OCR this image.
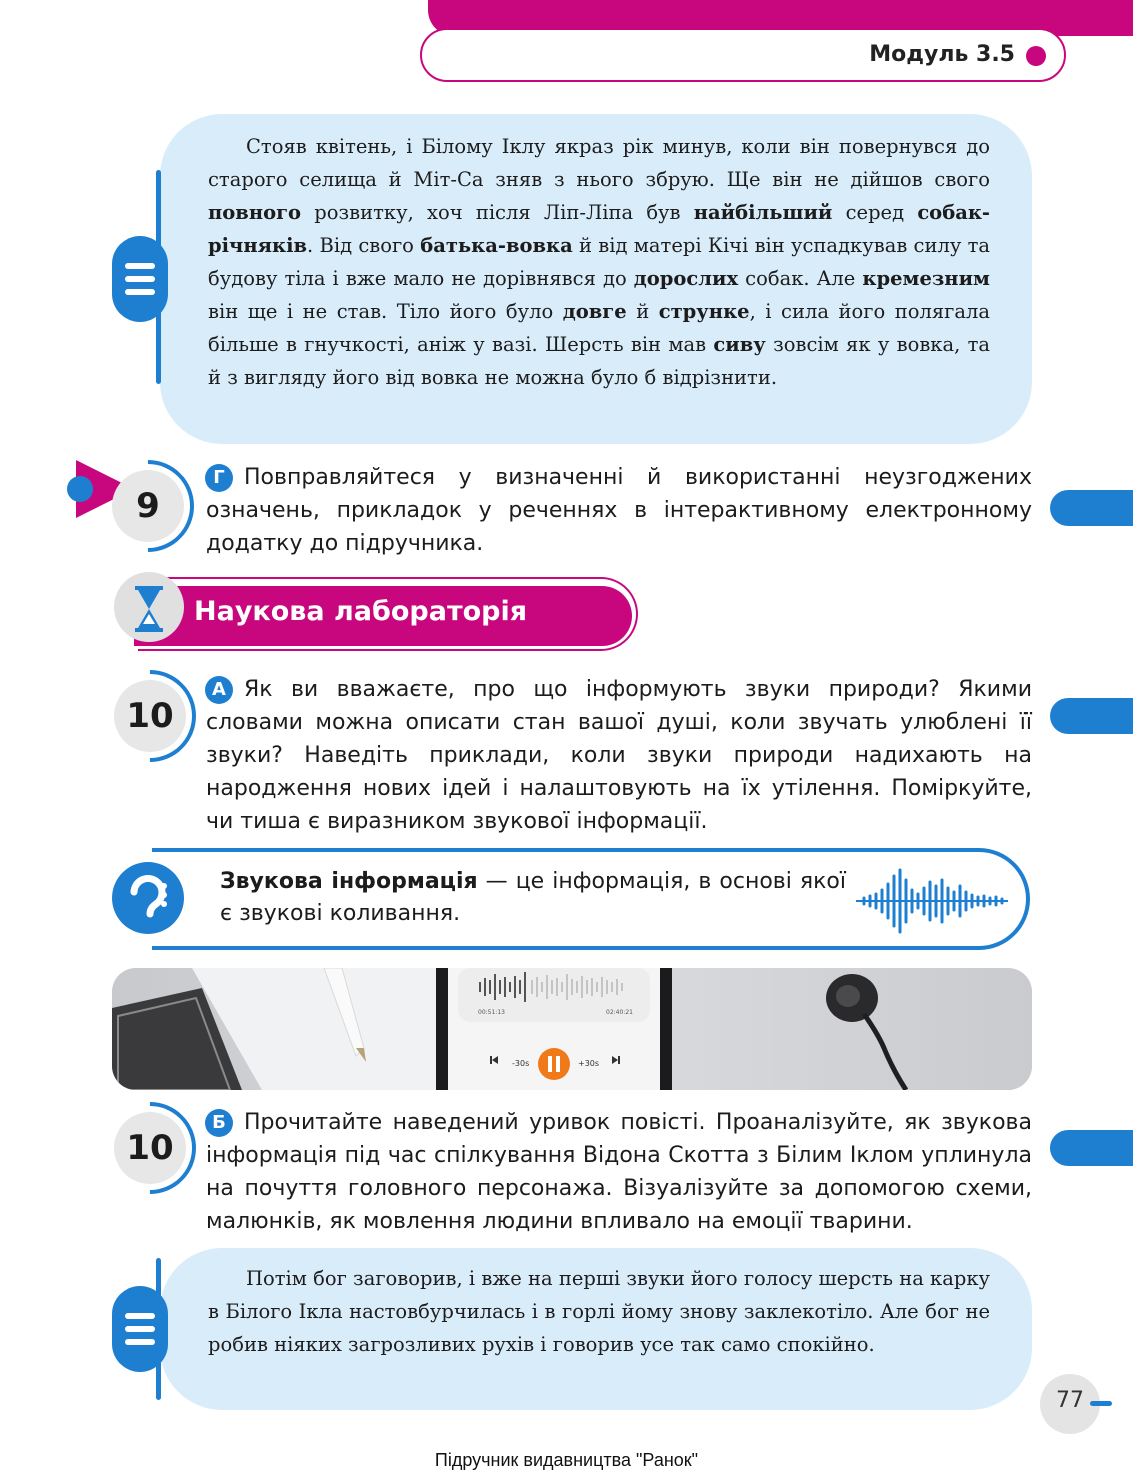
Модуль 3.5
Стояв квітень, і Білому Іклу якраз рік минув, коли він повернувся до старого селища й Міт-Са зняв з нього збрую. Ще він не дійшов свого повного розвитку, хоч після Ліп-Ліпа був найбільший серед собак-річняків. Від свого батька-вовка й від матері Кічі він успадкував силу та будову тіла і вже мало не дорівнявся до дорослих собак. Але кремезним він ще і не став. Тіло його було довге й струнке, і сила його полягала більше в гнучкості, аніж у вазі. Шерсть він мав сиву зовсім як у вовка, та й з вигляду його від вовка не можна було б відрізнити.
9
Г Повправляйтеся у визначенні й використанні неузгоджених означень, прикладок у реченнях в інтерактивному електронному додатку до підручника.
Наукова лабораторія
10
А Як ви вважаєте, про що інформують звуки природи? Якими словами можна описати стан вашої душі, коли звучать улюблені її звуки? Наведіть приклади, коли звуки природи надихають на народження нових ідей і налаштовують на їх утілення. Поміркуйте, чи тиша є виразником звукової інформації.
Звукова інформація — це інформація, в основі якої є звукові коливання.
00:51:13	02:40:21
-30s	+30s
10
Б Прочитайте наведений уривок повісті. Проаналізуйте, як звукова інформація під час спілкування Відона Скотта з Білим Іклом уплинула на почуття головного персонажа. Візуалізуйте за допомогою схеми, малюнків, як мовлення людини впливало на емоції тварини.
Потім бог заговорив, і вже на перші звуки його голосу шерсть на карку в Білого Ікла настовбурчилась і в горлі йому знову заклекотіло. Але бог не робив ніяких загрозливих рухів і говорив усе так само спокійно.
77
Підручник видавництва "Ранок"
